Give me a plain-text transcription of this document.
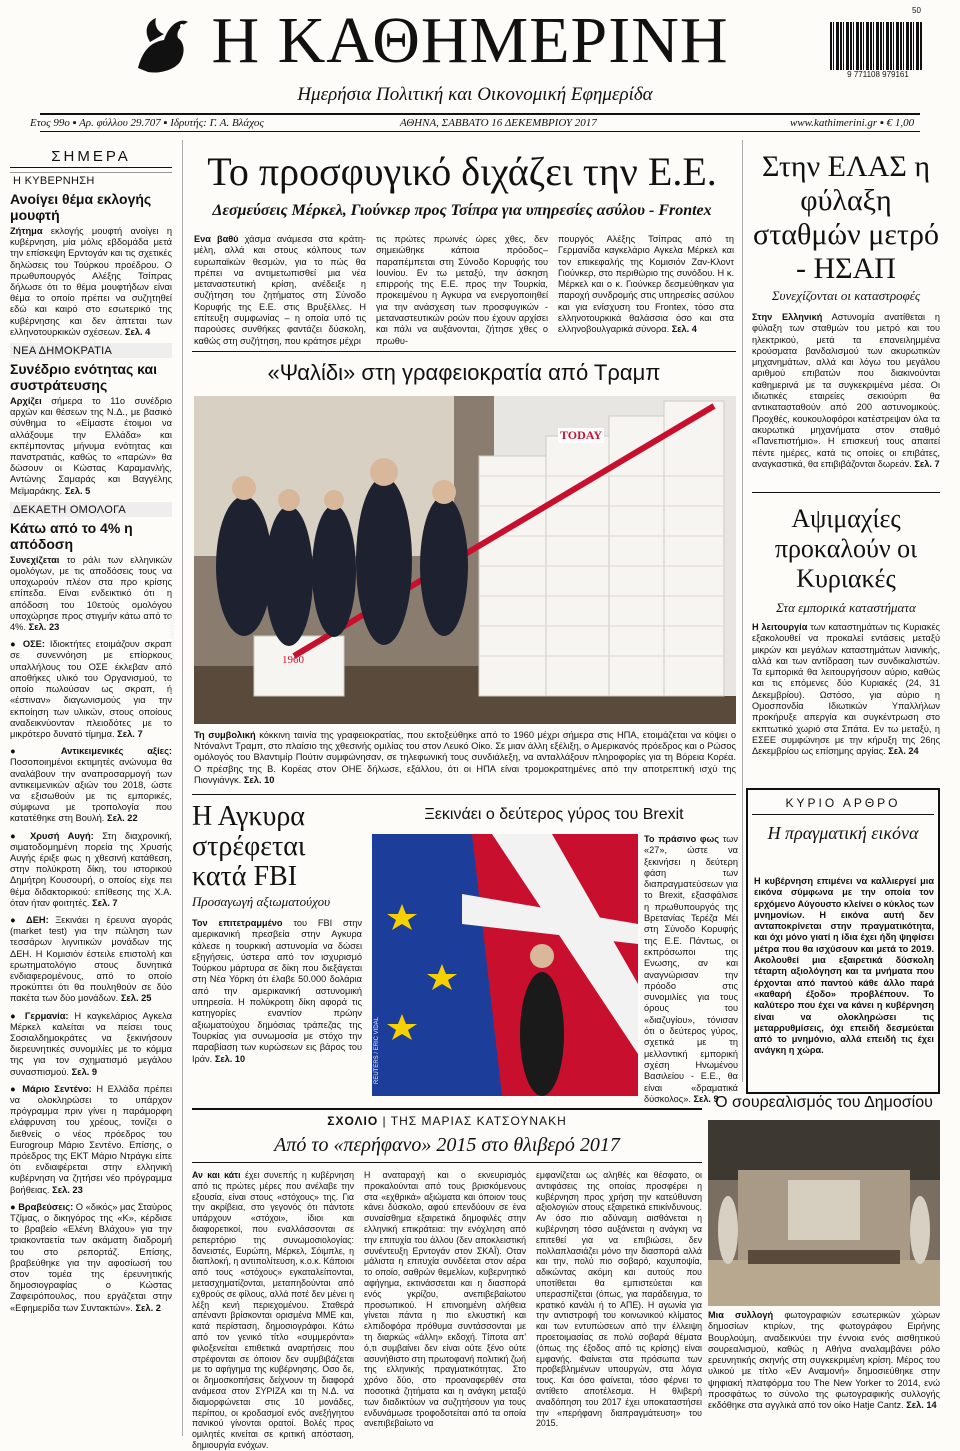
Η ΚΑΘΗΜΕΡΙΝΗ
Ημερήσια Πολιτική και Οικονομική Εφημερίδα
9 771108 979161
50
Ετος 99ο ▪ Αρ. φύλλου 29.707 ▪ Ιδρυτής: Γ. Α. Βλάχος	ΑΘΗΝΑ, ΣΑΒΒΑΤΟ 16 ΔΕΚΕΜΒΡΙΟΥ 2017	www.kathimerini.gr ▪ € 1,00
ΣΗΜΕΡΑ
Η ΚΥΒΕΡΝΗΣΗ
Ανοίγει θέμα εκλογής μουφτή
Ζήτημα εκλογής μουφτή ανοίγει η κυβέρνηση, μία μόλις εβδομάδα μετά την επίσκεψη Ερντογάν και τις σχετικές δηλώσεις του Τούρκου προέδρου. Ο πρωθυπουργός Αλέξης Τσίπρας δήλωσε ότι το θέμα μουφτήδων είναι θέμα το οποίο πρέπει να συζητηθεί εδώ και καιρό στο εσωτερικό της κυβέρνησης και δεν άπτεται των ελληνοτουρκικών σχέσεων. Σελ. 4
ΝΕΑ ΔΗΜΟΚΡΑΤΙΑ
Συνέδριο ενότητας και συστράτευσης
Αρχίζει σήμερα το 11ο συνέδριο αρχών και θέσεων της Ν.Δ., με βασικό σύνθημα το «Είμαστε έτοιμοι να αλλάξουμε την Ελλάδα» και εκπέμποντας μήνυμα ενότητας και πανστρατιάς, καθώς το «παρών» θα δώσουν οι Κώστας Καραμανλής, Αντώνης Σαμαράς και Βαγγέλης Μεϊμαράκης. Σελ. 5
ΔΕΚΑΕΤΗ ΟΜΟΛΟΓΑ
Κάτω από το 4% η απόδοση
Συνεχίζεται το ράλι των ελληνικών ομολόγων, με τις αποδόσεις τους να υποχωρούν πλέον στα προ κρίσης επίπεδα. Είναι ενδεικτικό ότι η απόδοση του 10ετούς ομολόγου υποχώρησε προς στιγμήν κάτω από το 4%. Σελ. 23
● ΟΣΕ: Ιδιοκτήτες ετοιμάζουν σκραπ σε συνεννόηση με επίορκους υπαλλήλους του ΟΣΕ έκλεβαν από αποθήκες υλικό του Οργανισμού, το οποίο πωλούσαν ως σκραπ, ή «έστιναν» διαγωνισμούς για την εκποίηση των υλικών, στους οποίους αναδεικνύονταν πλειοδότες με το μικρότερο δυνατό τίμημα. Σελ. 7
● Αντικειμενικές αξίες: Ποσοποιημένοι εκτιμητές ανώνυμα θα αναλάβουν την αναπροσαρμογή των αντικειμενικών αξιών του 2018, ώστε να εξισωθούν με τις εμπορικές, σύμφωνα με τροπολογία που κατατέθηκε στη Βουλή. Σελ. 22
● Χρυσή Αυγή: Στη διαχρονική, σιματοδομημένη πορεία της Χρυσής Αυγής έριξε φως η χθεσινή κατάθεση, στην πολύκροτη δίκη, του ιστορικού Δημήτρη Κουσουρή, ο οποίος είχε πει θέμα διδακτορικού: επίθεσης της Χ.Α. όταν ήταν φοιτητές. Σελ. 7
● ΔΕΗ: Ξεκινάει η έρευνα αγοράς (market test) για την πώληση των τεσσάρων λιγνιτικών μονάδων της ΔΕΗ. Η Κομισιόν έστειλε επιστολή και ερωτηματολόγιο στους δυνητικά ενδιαφερομένους, από το οποίο προκύπτει ότι θα πουληθούν σε δύο πακέτα των δύο μονάδων. Σελ. 25
● Γερμανία: Η καγκελάριος Αγκελα Μέρκελ καλείται να πείσει τους Σοσιαλδημοκράτες να ξεκινήσουν διερευνητικές συνομιλίες με το κόμμα της για τον σχηματισμό μεγάλου συνασπισμού. Σελ. 9
● Μάριο Σεντένο: Η Ελλάδα πρέπει να ολοκληρώσει το υπάρχον πρόγραμμα πριν γίνει η παράμορφη ελάφρυνση του χρέους, τονίζει ο διεθνείς ο νέος πρόεδρος του Eurogroup Μάριο Σεντένο. Επίσης, ο πρόεδρος της ΕΚΤ Μάριο Ντράγκι είπε ότι ενδιαφέρεται στην ελληνική κυβέρνηση να ζητήσει νέο πρόγραμμα βοήθειας. Σελ. 23
● Βραβεύσεις: Ο «δικός» μας Σταύρος Τζίμας, ο δικηγόρος της «Κ», κέρδισε το βραβείο «Ελένη Βλάχου» για την τριακονταετία των ακάματη διαδρομή του στο ρεπορτάζ. Επίσης, βραβεύθηκε για την αφοσίωσή του στον τομέα της έρευνητικής δημοσιογραφίας ο Κώστας Ζαφειρόπουλος, που εργάζεται στην «Εφημερίδα των Συντακτών». Σελ. 2
Το προσφυγικό διχάζει την Ε.Ε.
Δεσμεύσεις Μέρκελ, Γιούνκερ προς Τσίπρα για υπηρεσίες ασύλου - Frontex
Ενα βαθύ χάσμα ανάμεσα στα κράτη-μέλη, αλλά και στους κόλπους των ευρωπαϊκών θεσμών, για το πώς θα πρέπει να αντιμετωπισθεί μια νέα μεταναστευτική κρίση, ανέδειξε η συζήτηση του ζητήματος στη Σύνοδο Κορυφής της Ε.Ε. στις Βρυξέλλες. Η επίτευξη συμφωνίας – η οποία υπό τις παρούσες συνθήκες φαντάζει δύσκολη, καθώς στη συζήτηση, που κράτησε μέχρι
τις πρώτες πρωινές ώρες χθες, δεν σημειώθηκε κάποια πρόοδος– παραπέμπεται στη Σύνοδο Κορυφής του Ιουνίου. Εν τω μεταξύ, την άσκηση επιρροής της Ε.Ε. προς την Τουρκία, προκειμένου η Αγκυρα να ενεργοποιηθεί για την ανάσχεση των προσφυγικών - μεταναστευτικών ροών που έχουν αρχίσει και πάλι να αυξάνονται, ζήτησε χθες ο πρωθυ-
πουργός Αλέξης Τσίπρας από τη Γερμανίδα καγκελάριο Αγκελα Μέρκελ και τον επικεφαλής της Κομισιόν Ζαν-Κλοντ Γιούνκερ, στο περιθώριο της συνόδου. Η κ. Μέρκελ και ο κ. Γιούνκερ δεσμεύθηκαν για παροχή συνδρομής στις υπηρεσίες ασύλου και για ενίσχυση του Frontex, τόσο στα ελληνοτουρκικά θαλάσσια όσο και στα ελληνοβουλγαρικά σύνορα. Σελ. 4
«Ψαλίδι» στη γραφειοκρατία από Τραμπ
TODAY
1960
REUTERS / KEVIN LAMARQUE
Τη συμβολική κόκκινη ταινία της γραφειοκρατίας, που εκτοξεύθηκε από το 1960 μέχρι σήμερα στις ΗΠΑ, ετοιμάζεται να κόψει ο Ντόναλντ Τραμπ, στο πλαίσιο της χθεσινής ομιλίας του στον Λευκό Οίκο. Σε μιαν άλλη εξέλιξη, ο Αμερικανός πρόεδρος και ο Ρώσος ομόλογός του Βλαντιμίρ Πούτιν συμφώνησαν, σε τηλεφωνική τους συνδιάλεξη, να ανταλλάξουν πληροφορίες για τη Βόρεια Κορέα. Ο πρέσβης της Β. Κορέας στον ΟΗΕ δήλωσε, εξάλλου, ότι οι ΗΠΑ είναι τρομοκρατημένες από την αποτρεπτική ισχύ της Πιονγιάνγκ. Σελ. 10
Στην ΕΛΑΣ η φύλαξη σταθμών μετρό - ΗΣΑΠ
Συνεχίζονται οι καταστροφές
Στην Ελληνική Αστυνομία ανατίθεται η φύλαξη των σταθμών του μετρό και του ηλεκτρικού, μετά τα επανειλημμένα κρούσματα βανδαλισμού των ακυρωτικών μηχανημάτων, αλλά και λόγω του μεγάλου αριθμού επιβατών που διακινούνται καθημερινά με τα συγκεκριμένα μέσα. Οι ιδιωτικές εταιρείες σεκιούριτι θα αντικατασταθούν από 200 αστυνομικούς. Προχθές, κουκουλοφόροι κατέστρεψαν όλα τα ακυρωτικά μηχανήματα στον σταθμό «Πανεπιστήμιο». Η επισκευή τους απαιτεί πέντε ημέρες, κατά τις οποίες οι επιβάτες, αναγκαστικά, θα επιβιβάζονται δωρεάν. Σελ. 7
Αψιμαχίες προκαλούν οι Κυριακές
Στα εμπορικά καταστήματα
Η λειτουργία των καταστημάτων τις Κυριακές εξακολουθεί να προκαλεί εντάσεις μεταξύ μικρών και μεγάλων καταστημάτων λιανικής, αλλά και των αντίδραση των συνδικαλιστών. Τα εμπορικά θα λειτουργήσουν αύριο, καθώς και τις επόμενες δύο Κυριακές (24, 31 Δεκεμβρίου). Ωστόσο, για αύριο η Ομοσπονδία Ιδιωτικών Υπαλλήλων προκήρυξε απεργία και συγκέντρωση στο εκπτωτικό χωριό στα Σπάτα. Εν τω μεταξύ, η ΕΣΕΕ συμφώνησε με την κήρυξη της 26ης Δεκεμβρίου ως επίσημης αργίας. Σελ. 24
ΚΥΡΙΟ ΑΡΘΡΟ
Η πραγματική εικόνα
Η κυβέρνηση επιμένει να καλλιεργεί μια εικόνα σύμφωνα με την οποία τον ερχόμενο Αύγουστο κλείνει ο κύκλος των μνημονίων. Η εικόνα αυτή δεν ανταποκρίνεται στην πραγματικότητα, και όχι μόνο γιατί η ίδια έχει ήδη ψηφίσει μέτρα που θα ισχύσουν και μετά το 2019. Ακολουθεί μια εξαιρετικά δύσκολη τέταρτη αξιολόγηση και τα μνήματα που έρχονται από παντού κάθε άλλο παρά «καθαρή έξοδο» προβλέπουν. Το καλύτερο που έχει να κάνει η κυβέρνηση είναι να ολοκληρώσει τις μεταρρυθμίσεις, όχι επειδή δεσμεύεται από το μνημόνιο, αλλά επειδή τις έχει ανάγκη η χώρα.
Η Αγκυρα στρέφεται κατά FBI
Προσαγωγή αξιωματούχου
Τον επιτετραμμένο του FBI στην αμερικανική πρεσβεία στην Αγκυρα κάλεσε η τουρκική αστυνομία να δώσει εξηγήσεις, ύστερα από τον ισχυρισμό Τούρκου μάρτυρα σε δίκη που διεξάγεται στη Νέα Υόρκη ότι έλαβε 50.000 δολάρια από την αμερικανική αστυνομική υπηρεσία. Η πολύκροτη δίκη αφορά τις κατηγορίες εναντίον πρώην αξιωματούχου δημόσιας τράπεζας της Τουρκίας για συνωμοσία με στόχο την παραβίαση των κυρώσεων εις βάρος του Ιράν. Σελ. 10
Ξεκινάει ο δεύτερος γύρος του Brexit
REUTERS / ERIC VIDAL
Το πράσινο φως των «27», ώστε να ξεκινήσει η δεύτερη φάση των διαπραγματεύσεων για το Brexit, εξασφάλισε η πρωθυπουργός της Βρετανίας Τερέζα Μέι στη Σύνοδο Κορυφής της Ε.Ε. Πάντως, οι εκπρόσωποι της Ενωσης, αν και αναγνώρισαν την πρόοδο στις συνομιλίες για τους όρους του «διαζυγίου», τόνισαν ότι ο δεύτερος γύρος, σχετικά με τη μελλοντική εμπορική σχέση Ηνωμένου Βασιλείου - Ε.Ε., θα είναι «δραματικά δύσκολος». Σελ. 9
ΣΧΟΛΙΟ | ΤΗΣ ΜΑΡΙΑΣ ΚΑΤΣΟΥΝΑΚΗ
Από το «περήφανο» 2015 στο θλιβερό 2017
Αν και κάτι έχει συνεπής η κυβέρνηση από τις πρώτες μέρες που ανέλαβε την εξουσία, είναι στους «στόχους» της. Για την ακρίβεια, στο γεγονός ότι πάντοτε υπάρχουν «στόχοι», ίδιοι και διαφορετικοί, που εναλλάσσονται σε ρεπερτόριο της συνωμοσιολογίας: δανειστές, Ευρώπη, Μέρκελ, Σόιμπλε, η διαπλοκή, η αντιπολίτευση, κ.ο.κ. Κάποιοι από τους «στόχους» εγκαταλείπονται, μετασχηματίζονται, μεταπηδούνται από εχθρούς σε φίλους, αλλά ποτέ δεν μένει η λέξη κενή περιεχομένου. Σταθερά απέναντι βρίσκονται ορισμένα ΜΜΕ και, κατά περίσταση, δημοσιογράφοι. Κάτω από τον γενικό τίτλο «συμμερόντα» φιλοξενείται επιθετικά αναρτήσεις που στρέφονται σε όποιον δεν συμβιβάζεται με το αφήγημα της κυβέρνησης. Οσο δε, οι δημοσκοπήσεις δείχνουν τη διαφορά ανάμεσα στον ΣΥΡΙΖΑ και τη Ν.Δ. να διαμορφώνεται στις 10 μονάδες, περίπου, οι κροδασμοί ενός ανεξήγητου πανικού γίνονται ορατοί. Βολές προς ομιλητές κινείται σε κριτική απόσταση, δημιουργία ενόχων.
Η αναταραχή και ο εκνευρισμός προκαλούνται από τους βρισκόμενους στα «εχθρικά» αξιώματα και όποιον τους κάνει δύσκολο, αφού επενδύουν σε ένα συναίσθημα εξαιρετικά δημοφιλές στην ελληνική επικράτεια: την ενόχληση από την επιτυχία του άλλου (δεν αποκλειστική συνέντευξη Ερντογάν στον ΣΚΑΪ). Οταν μάλιστα η επιτυχία συνδέεται στον αέρα το οποίο, σαθρών θεμελίων, κυβερνητικό αφήγημα, εκτινάσσεται και η διασπορά ενός γκρίζου, ανεπιβεβαίωτου προσωπικού. Η επινοημένη αλήθεια γίνεται πάντα η πιο ελκυστική και ελπιδοφόρα πρόθυμα συντάσσονται με τη διαρκώς «άλλη» εκδοχή. Τίποτα απ' ό,τι συμβαίνει δεν είναι ούτε ξένο ούτε ασυνήθιστο στη πρωτοφανή πολιτική ζωή της ελληνικής πραγματικότητας. Στο χρόνο δύο, στο προαναφερθέν στα ποσοτικά ζητήματα και η ανάγκη μεταξύ των διαδικτύων να συζητήσουν για τους ενδυνάμωσε τροφοδοτείται από τα οποία ανεπιβεβαίωτο να
εμφανίζεται ως αληθές και θέσφατο, οι αντιφάσεις της οποίας προσφέρει η κυβέρνηση προς χρήση την κατεύθυνση αξιολογιών στους εξαιρετικά επικίνδυνους. Αν όσο πιο αδύναμη αισθάνεται η κυβέρνηση τόσο αυξάνεται η ανάγκη να επιτεθεί για να επιβιώσει, δεν πολλαπλασιάζει μόνο την διασπορά αλλά και την, πολύ πιο σοβαρό, καχυποψία, αδικώντας ακόμη και αυτούς που υποτίθεται θα εμπιστεύεται και υπερασπίζεται (όπως, για παράδειγμα, το κρατικό κανάλι ή το ΑΠΕ). Η αγωνία για την αντιστροφή του κοινωνικού κλίματος και των εντυπώσεων από την έλλειψη προετοιμασίας σε πολύ σοβαρά θέματα (όπως της έξοδος από τις κρίσης) είναι εμφανής. Φαίνεται στα πρόσωπα των προβεβλημένων υπουργών, στα λόγια τους. Και όσο φαίνεται, τόσο φέρνει το αντίθετο αποτέλεσμα. Η θλιβερή αναδόπηση του 2017 έχει υποκαταστήσει την «περήφανη διαπραγμάτευση» του 2015.
Ο σουρεαλισμός του Δημοσίου
Μια συλλογή φωτογραφιών εσωτερικών χώρων δημοσίων κτιρίων, της φωτογράφου Ειρήνης Βουρλούμη, αναδεικνύει την έννοια ενός αισθητικού σουρεαλισμού, καθώς η Αθήνα αναλαμβάνει ρόλο ερευνητικής σκηνής στη συγκεκριμένη κρίση. Μέρος του υλικού με τίτλο «Εν Αναμονή» δημοσιεύθηκε στην ψηφιακή πλατφόρμα του The New Yorker το 2014, ενώ προσφάτως το σύνολο της φωτογραφικής συλλογής εκδόθηκε στα αγγλικά από τον οίκο Hatje Cantz. Σελ. 14
